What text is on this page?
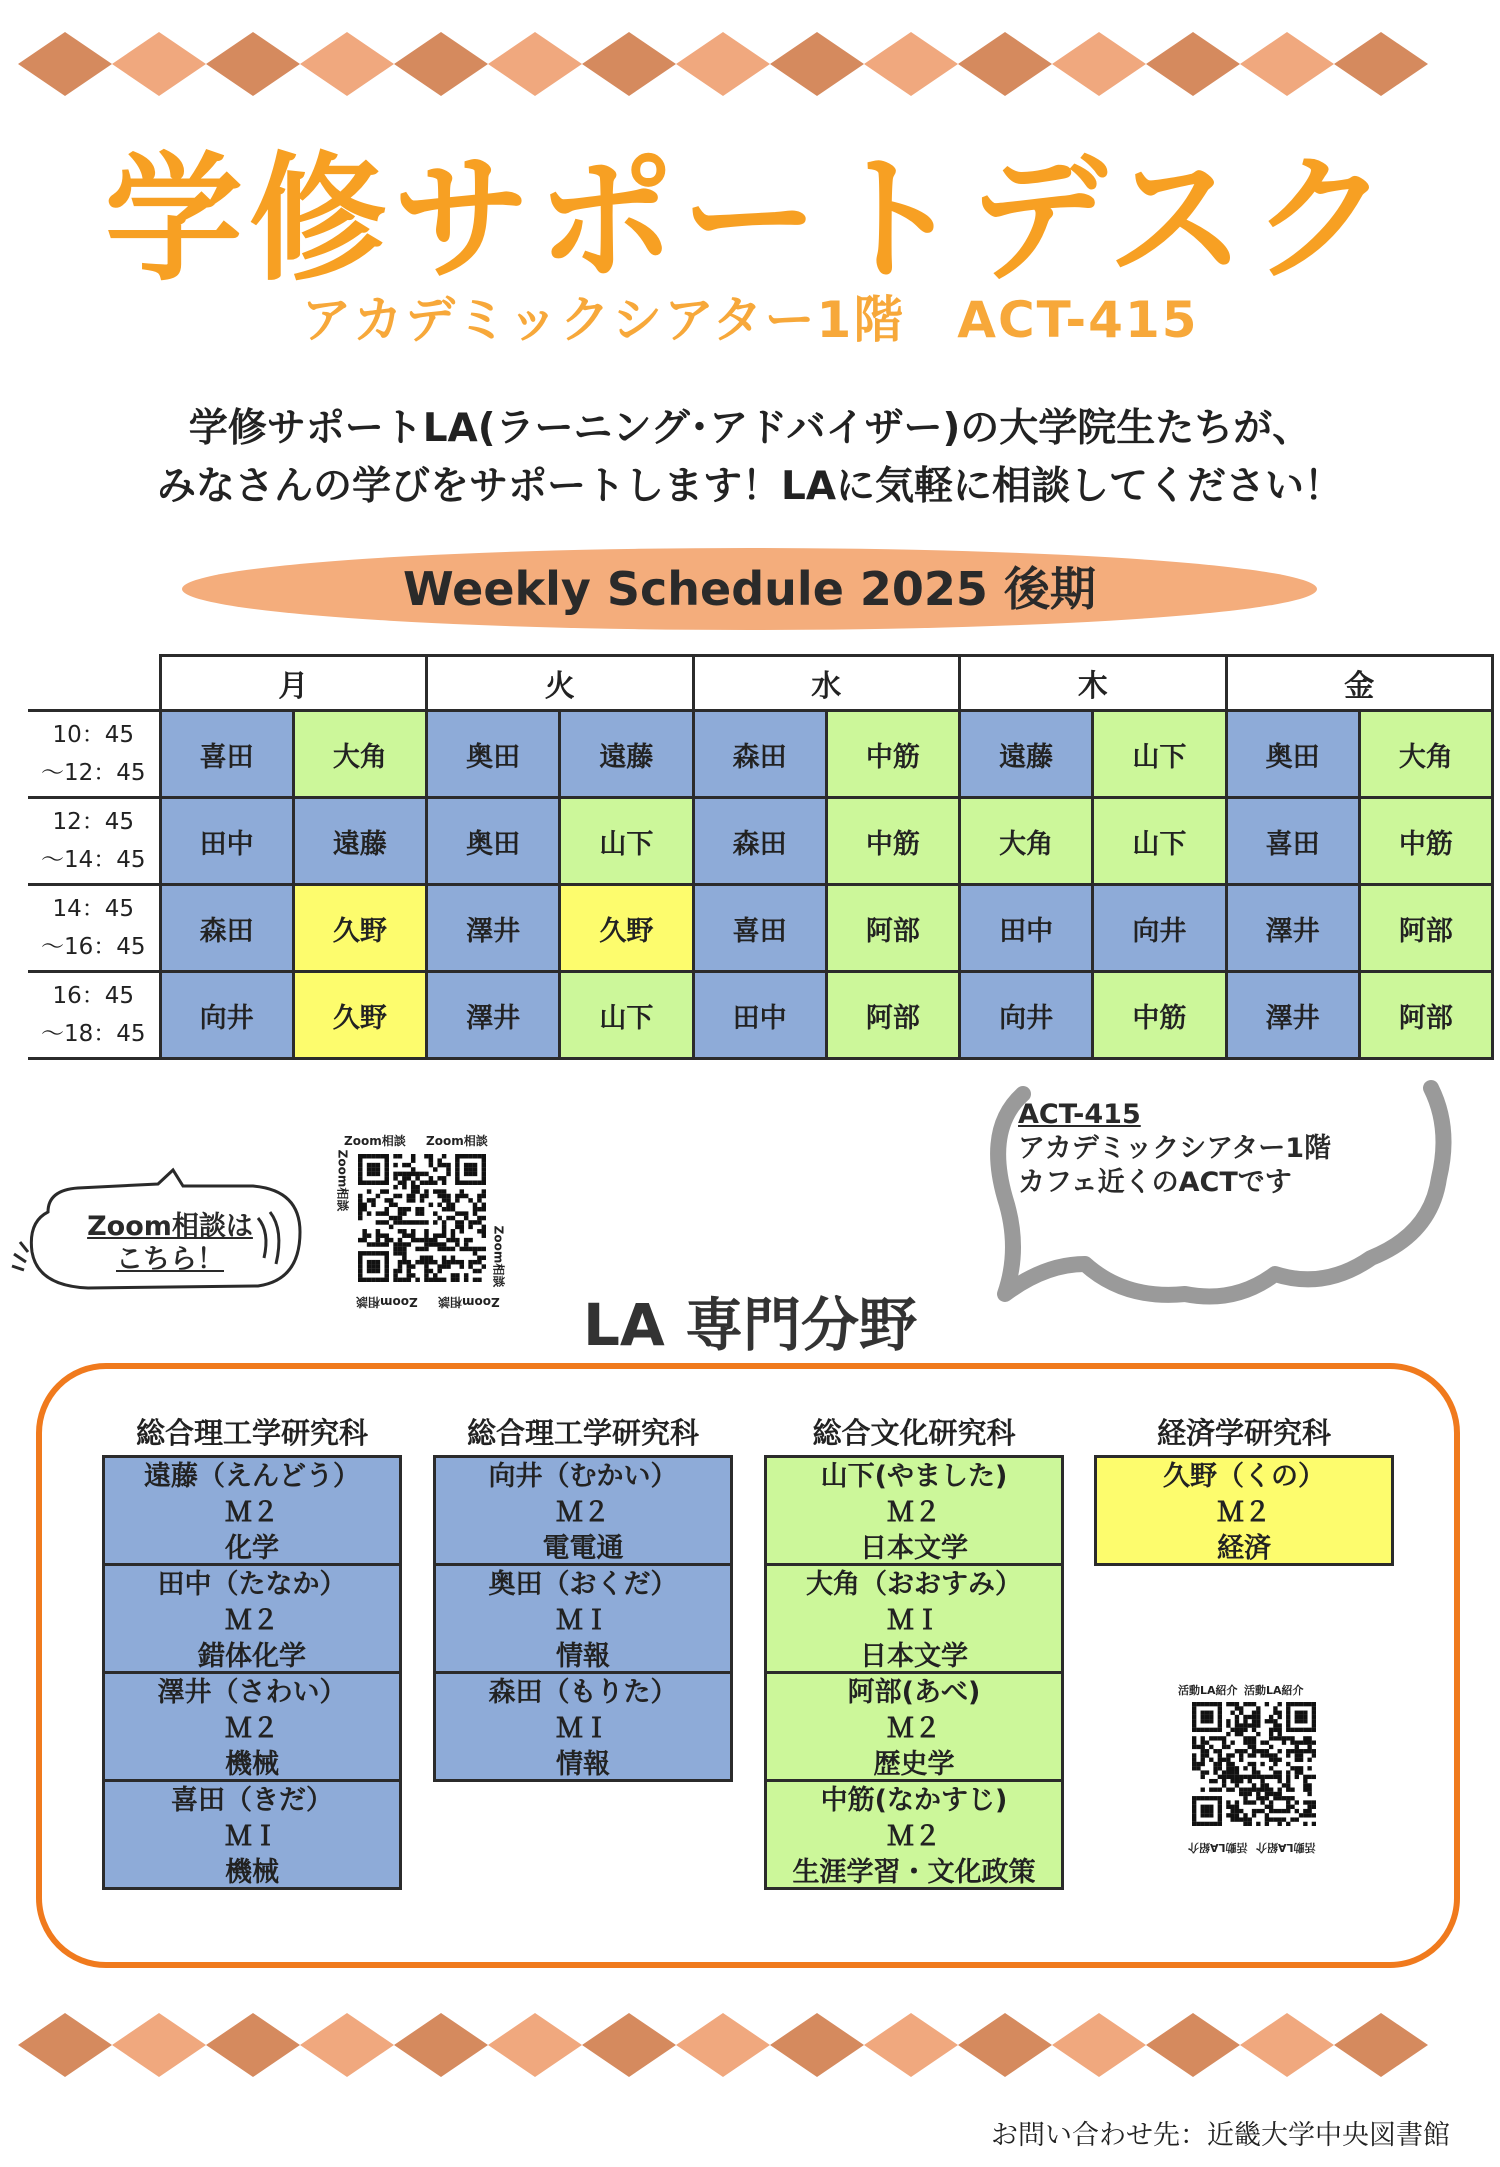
学修サポートデスク
アカデミックシアター1階　ACT-415
学修サポートLA(ラーニング･アドバイザー)の大学院生たちが、
みなさんの学びをサポートします！LAに気軽に相談してください！
Weekly Schedule 2025 後期
	月		火		水		木		金	

10：45
～12：45	喜田	大角	奥田	遠藤	森田	中筋	遠藤	山下	奥田	大角

12：45
～14：45	田中	遠藤	奥田	山下	森田	中筋	大角	山下	喜田	中筋

14：45
～16：45	森田	久野	澤井	久野	喜田	阿部	田中	向井	澤井	阿部

16：45
～18：45	向井	久野	澤井	山下	田中	阿部	向井	中筋	澤井	阿部
Zoom相談は
こちら！
Zoom相談 Zoom相談
Zoom相談
Zoom相談
Zoom相談
Zoom相談
ACT-415
アカデミックシアター1階
カフェ近くのACTです
LA 専門分野
総合理工学研究科
遠藤（えんどう）
Ｍ２
化学
田中（たなか）
Ｍ２
錯体化学
澤井（さわい）
Ｍ２
機械
喜田（きだ）
ＭＩ
機械
総合理工学研究科
向井（むかい）
Ｍ２
電電通
奥田（おくだ）
ＭＩ
情報
森田（もりた）
ＭＩ
情報
総合文化研究科
山下(やました)
Ｍ２
日本文学
大角（おおすみ）
ＭＩ
日本文学
阿部(あべ)
Ｍ２
歴史学
中筋(なかすじ)
Ｍ２
生涯学習・文化政策
経済学研究科
久野（くの）
Ｍ２
経済
活動LA紹介 活動LA紹介
活動LA紹介
活動LA紹介
お問い合わせ先：近畿大学中央図書館
